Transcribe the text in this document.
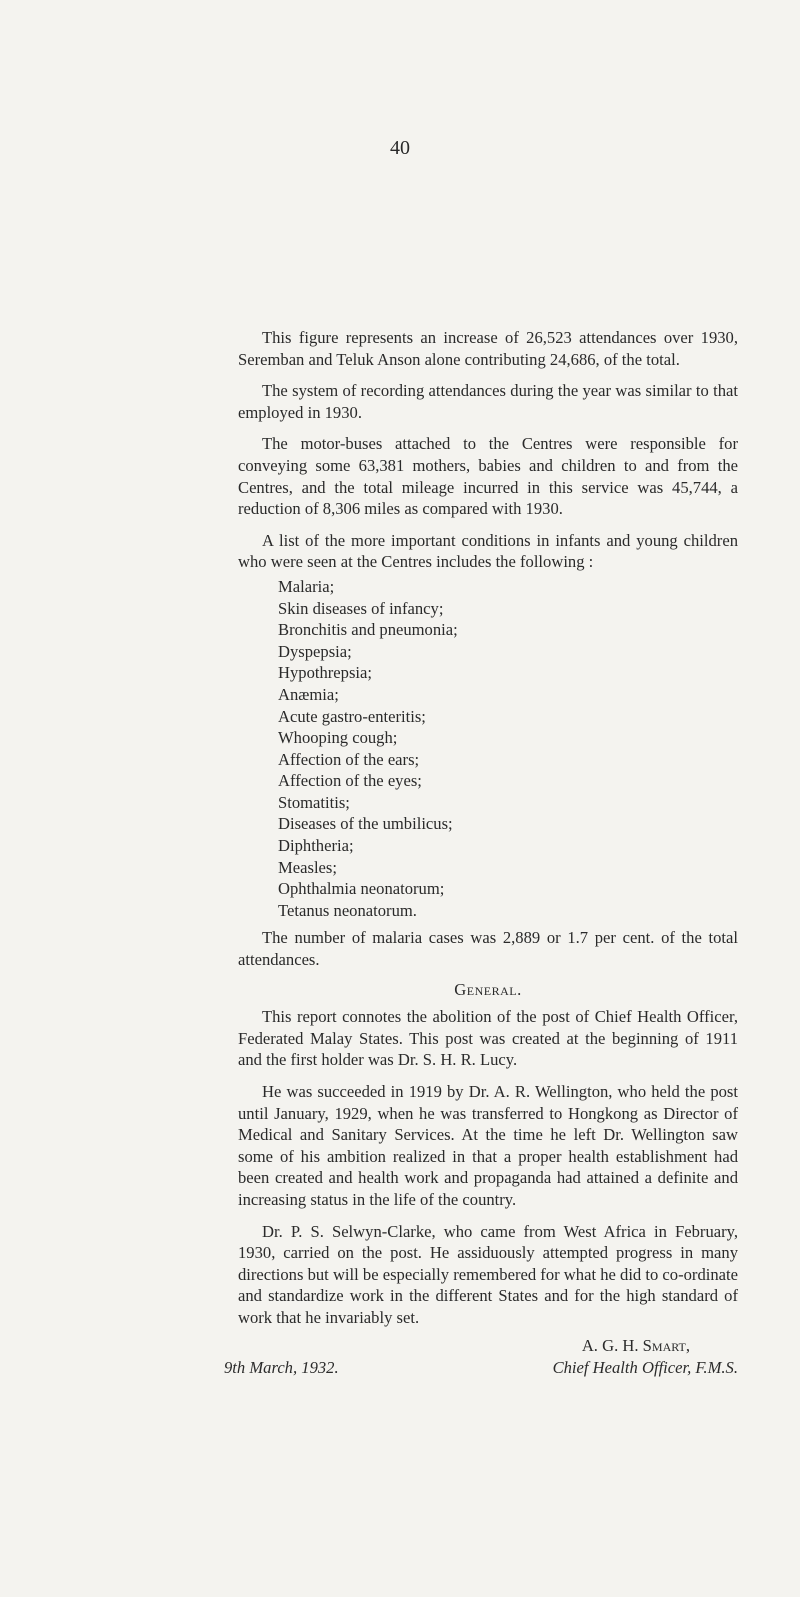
40

This figure represents an increase of 26,523 attendances over 1930, Seremban and Teluk Anson alone contributing 24,686, of the total.

The system of recording attendances during the year was similar to that employed in 1930.

The motor-buses attached to the Centres were responsible for conveying some 63,381 mothers, babies and children to and from the Centres, and the total mileage incurred in this service was 45,744, a reduction of 8,306 miles as compared with 1930.

A list of the more important conditions in infants and young children who were seen at the Centres includes the following :

Malaria;
Skin diseases of infancy;
Bronchitis and pneumonia;
Dyspepsia;
Hypothrepsia;
Anæmia;
Acute gastro-enteritis;
Whooping cough;
Affection of the ears;
Affection of the eyes;
Stomatitis;
Diseases of the umbilicus;
Diphtheria;
Measles;
Ophthalmia neonatorum;
Tetanus neonatorum.

The number of malaria cases was 2,889 or 1.7 per cent. of the total attendances.

General.

This report connotes the abolition of the post of Chief Health Officer, Federated Malay States. This post was created at the beginning of 1911 and the first holder was Dr. S. H. R. Lucy.

He was succeeded in 1919 by Dr. A. R. Wellington, who held the post until January, 1929, when he was transferred to Hongkong as Director of Medical and Sanitary Services. At the time he left Dr. Wellington saw some of his ambition realized in that a proper health establishment had been created and health work and propaganda had attained a definite and increasing status in the life of the country.

Dr. P. S. Selwyn-Clarke, who came from West Africa in February, 1930, carried on the post. He assiduously attempted progress in many directions but will be especially remembered for what he did to co-ordinate and standardize work in the different States and for the high standard of work that he invariably set.

A. G. H. Smart,
9th March, 1932.	Chief Health Officer, F.M.S.
